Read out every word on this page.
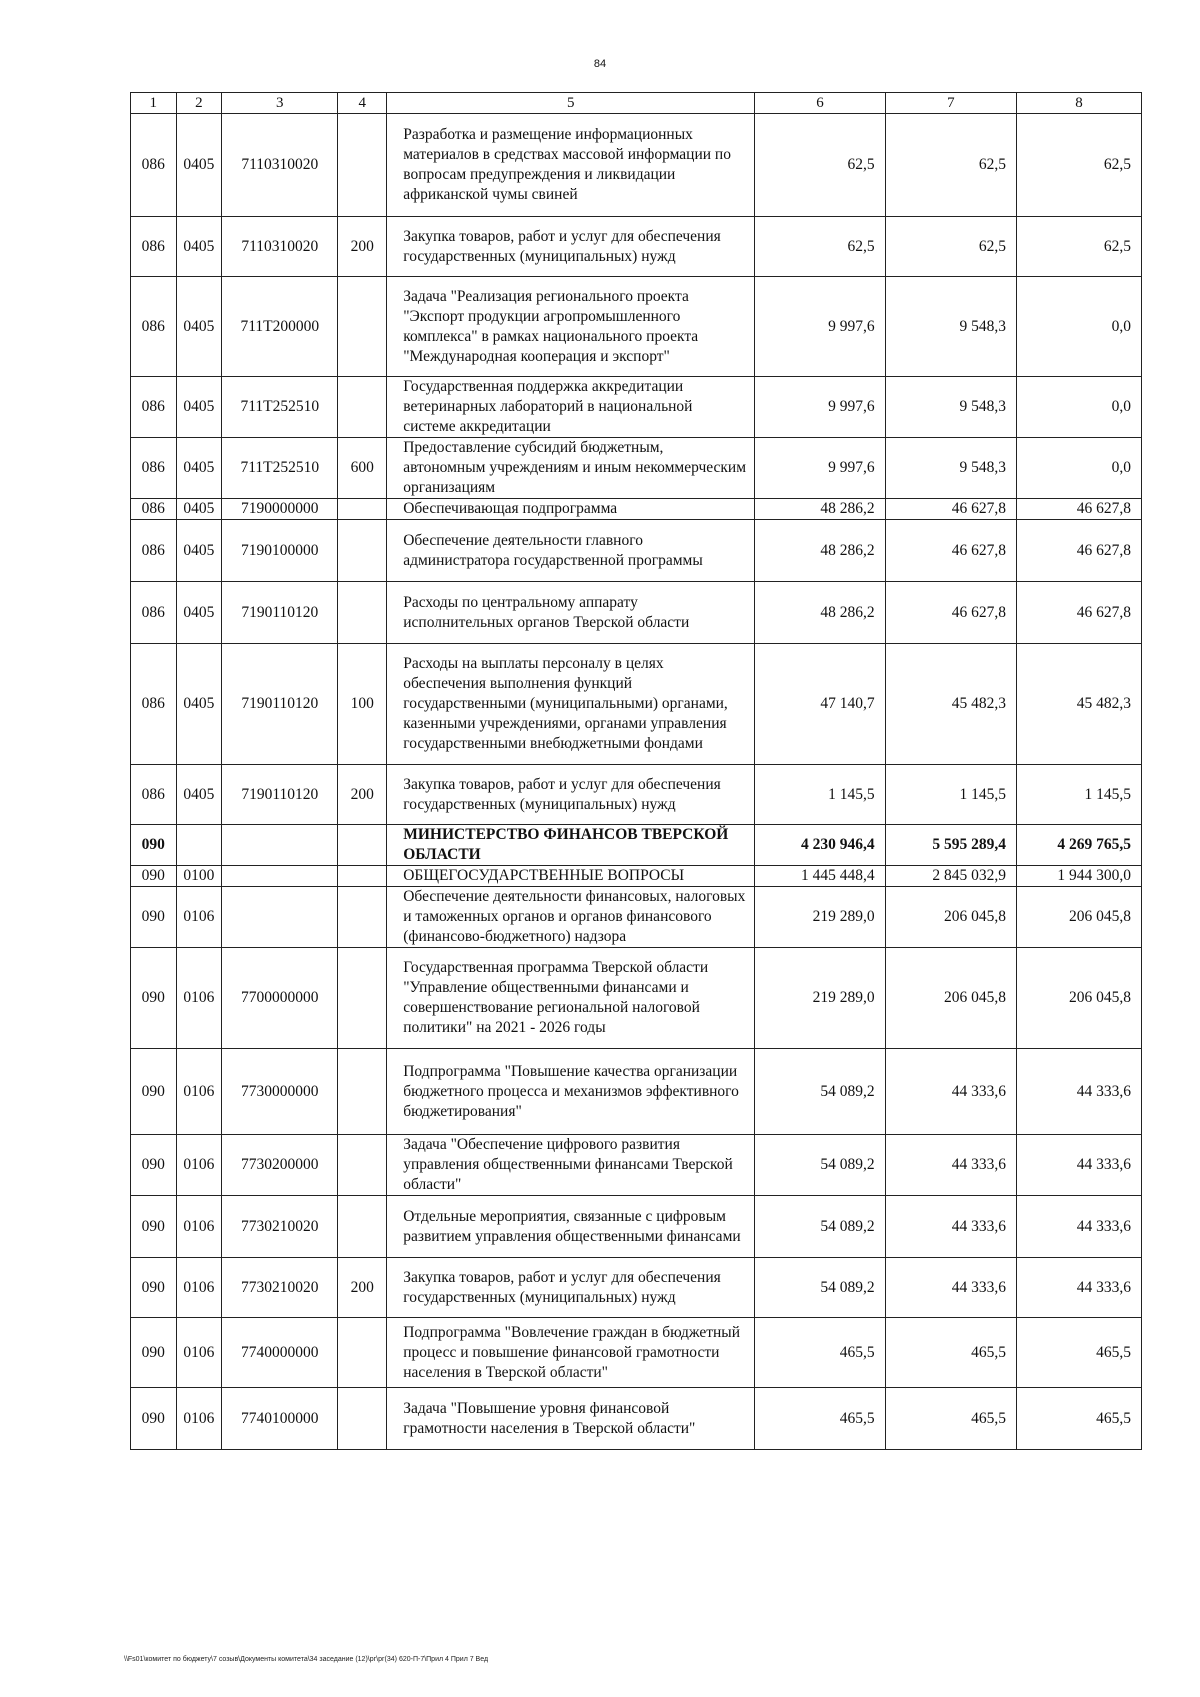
84
1	2	3	4	5	6	7	8
086	0405	7110310020		Разработка и размещение информационных материалов в средствах массовой информации по вопросам предупреждения и ликвидации африканской чумы свиней	62,5	62,5	62,5
086	0405	7110310020	200	Закупка товаров, работ и услуг для обеспечения государственных (муниципальных) нужд	62,5	62,5	62,5
086	0405	711Т200000		Задача "Реализация регионального проекта "Экспорт продукции агропромышленного комплекса" в рамках национального проекта "Международная кооперация и экспорт"	9 997,6	9 548,3	0,0
086	0405	711Т252510		Государственная поддержка аккредитации ветеринарных лабораторий в национальной системе аккредитации	9 997,6	9 548,3	0,0
086	0405	711Т252510	600	Предоставление субсидий бюджетным, автономным учреждениям и иным некоммерческим организациям	9 997,6	9 548,3	0,0
086	0405	7190000000		Обеспечивающая подпрограмма	48 286,2	46 627,8	46 627,8
086	0405	7190100000		Обеспечение деятельности главного администратора государственной программы	48 286,2	46 627,8	46 627,8
086	0405	7190110120		Расходы по центральному аппарату исполнительных органов Тверской области	48 286,2	46 627,8	46 627,8
086	0405	7190110120	100	Расходы на выплаты персоналу в целях обеспечения выполнения функций государственными (муниципальными) органами, казенными учреждениями, органами управления государственными внебюджетными фондами	47 140,7	45 482,3	45 482,3
086	0405	7190110120	200	Закупка товаров, работ и услуг для обеспечения государственных (муниципальных) нужд	1 145,5	1 145,5	1 145,5
090				МИНИСТЕРСТВО ФИНАНСОВ ТВЕРСКОЙ ОБЛАСТИ	4 230 946,4	5 595 289,4	4 269 765,5
090	0100			ОБЩЕГОСУДАРСТВЕННЫЕ ВОПРОСЫ	1 445 448,4	2 845 032,9	1 944 300,0
090	0106			Обеспечение деятельности финансовых, налоговых и таможенных органов и органов финансового (финансово-бюджетного) надзора	219 289,0	206 045,8	206 045,8
090	0106	7700000000		Государственная программа Тверской области "Управление общественными финансами и совершенствование региональной налоговой политики" на 2021 - 2026 годы	219 289,0	206 045,8	206 045,8
090	0106	7730000000		Подпрограмма "Повышение качества организации бюджетного процесса и механизмов эффективного бюджетирования"	54 089,2	44 333,6	44 333,6
090	0106	7730200000		Задача "Обеспечение цифрового развития управления общественными финансами Тверской области"	54 089,2	44 333,6	44 333,6
090	0106	7730210020		Отдельные мероприятия, связанные с цифровым развитием управления общественными финансами	54 089,2	44 333,6	44 333,6
090	0106	7730210020	200	Закупка товаров, работ и услуг для обеспечения государственных (муниципальных) нужд	54 089,2	44 333,6	44 333,6
090	0106	7740000000		Подпрограмма "Вовлечение граждан в бюджетный процесс и повышение финансовой грамотности населения в Тверской области"	465,5	465,5	465,5
090	0106	7740100000		Задача "Повышение уровня финансовой грамотности населения в Тверской области"	465,5	465,5	465,5
\\Fs01\комитет по бюджету\7 созыв\Документы комитета\34 заседание (12)\рг\рг(34) 620-П-7\Прил 4 Прил 7 Вед
